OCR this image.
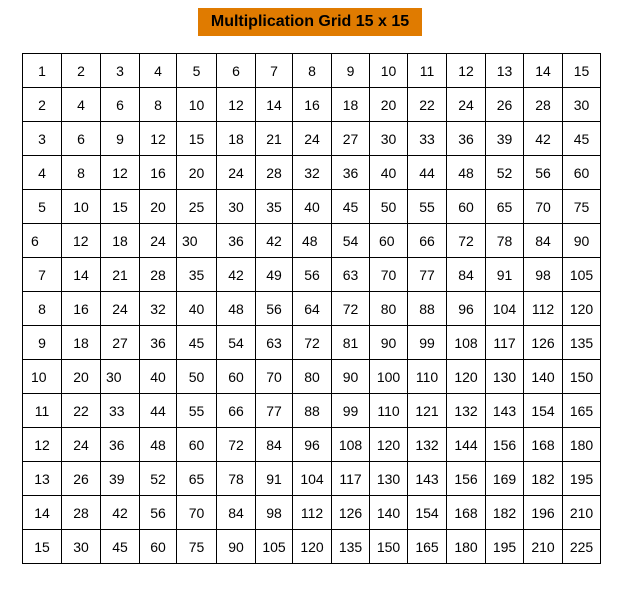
Multiplication Grid 15 x 15
1	2	3	4	5	6	7	8	9	10	11	12	13	14	15
2	4	6	8	10	12	14	16	18	20	22	24	26	28	30
3	6	9	12	15	18	21	24	27	30	33	36	39	42	45
4	8	12	16	20	24	28	32	36	40	44	48	52	56	60
5	10	15	20	25	30	35	40	45	50	55	60	65	70	75
6	12	18	24	30	36	42	48	54	60	66	72	78	84	90
7	14	21	28	35	42	49	56	63	70	77	84	91	98	105
8	16	24	32	40	48	56	64	72	80	88	96	104	112	120
9	18	27	36	45	54	63	72	81	90	99	108	117	126	135
10	20	30	40	50	60	70	80	90	100	110	120	130	140	150
11	22	33	44	55	66	77	88	99	110	121	132	143	154	165
12	24	36	48	60	72	84	96	108	120	132	144	156	168	180
13	26	39	52	65	78	91	104	117	130	143	156	169	182	195
14	28	42	56	70	84	98	112	126	140	154	168	182	196	210
15	30	45	60	75	90	105	120	135	150	165	180	195	210	225
